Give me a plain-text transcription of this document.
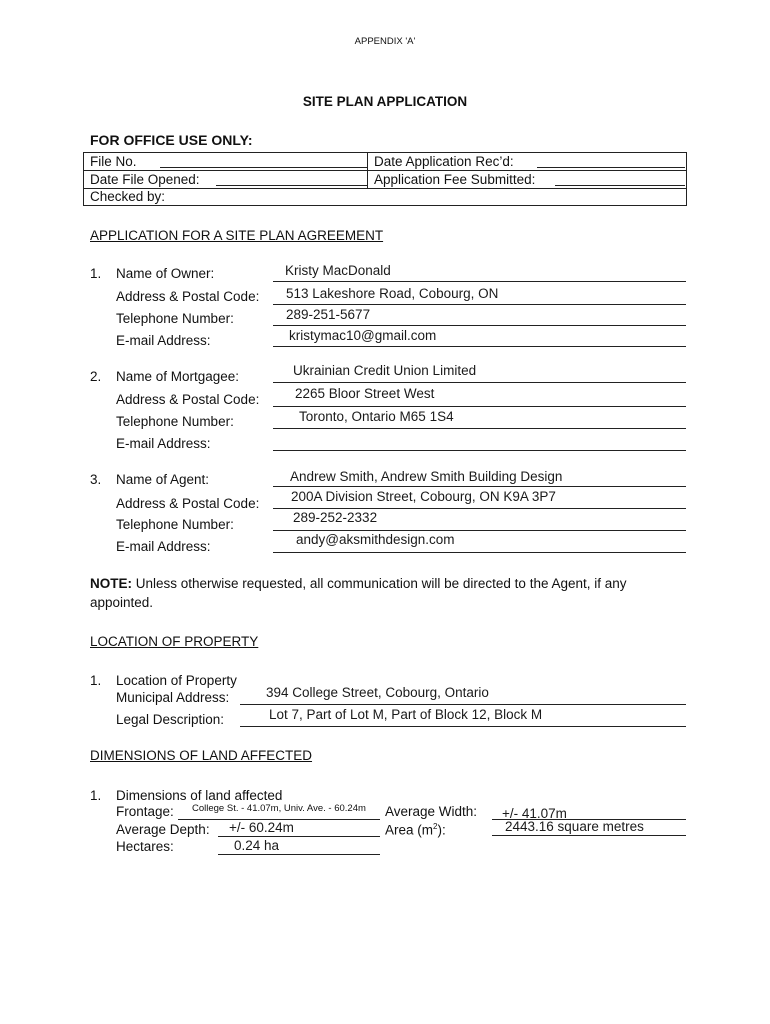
APPENDIX 'A'
SITE PLAN APPLICATION
FOR OFFICE USE ONLY:
File No.	Date Application Rec’d:
Date File Opened:	Application Fee Submitted:
Checked by:
APPLICATION FOR A SITE PLAN AGREEMENT
1. Name of Owner:	Kristy MacDonald
Address & Postal Code: 513 Lakeshore Road, Cobourg, ON
Telephone Number:	289-251-5677
E-mail Address:	kristymac10@gmail.com
2. Name of Mortgagee:	Ukrainian Credit Union Limited
Address & Postal Code:	2265 Bloor Street West
Telephone Number:	Toronto, Ontario M65 1S4
E-mail Address:
3. Name of Agent:	Andrew Smith, Andrew Smith Building Design
Address & Postal Code: 200A Division Street, Cobourg, ON K9A 3P7
Telephone Number:	289-252-2332
E-mail Address:	andy@aksmithdesign.com
NOTE: Unless otherwise requested, all communication will be directed to the Agent, if any
appointed.
LOCATION OF PROPERTY
1. Location of Property
Municipal Address:	394 College Street, Cobourg, Ontario
Legal Description:	Lot 7, Part of Lot M, Part of Block 12, Block M
DIMENSIONS OF LAND AFFECTED
1. Dimensions of land affected
Frontage: College St. - 41.07m, Univ. Ave. - 60.24m Average Width: +/- 41.07m
Average Depth: +/- 60.24m	Area $(m^2)$:	2443.16 square metres
Hectares:	0.24 ha
